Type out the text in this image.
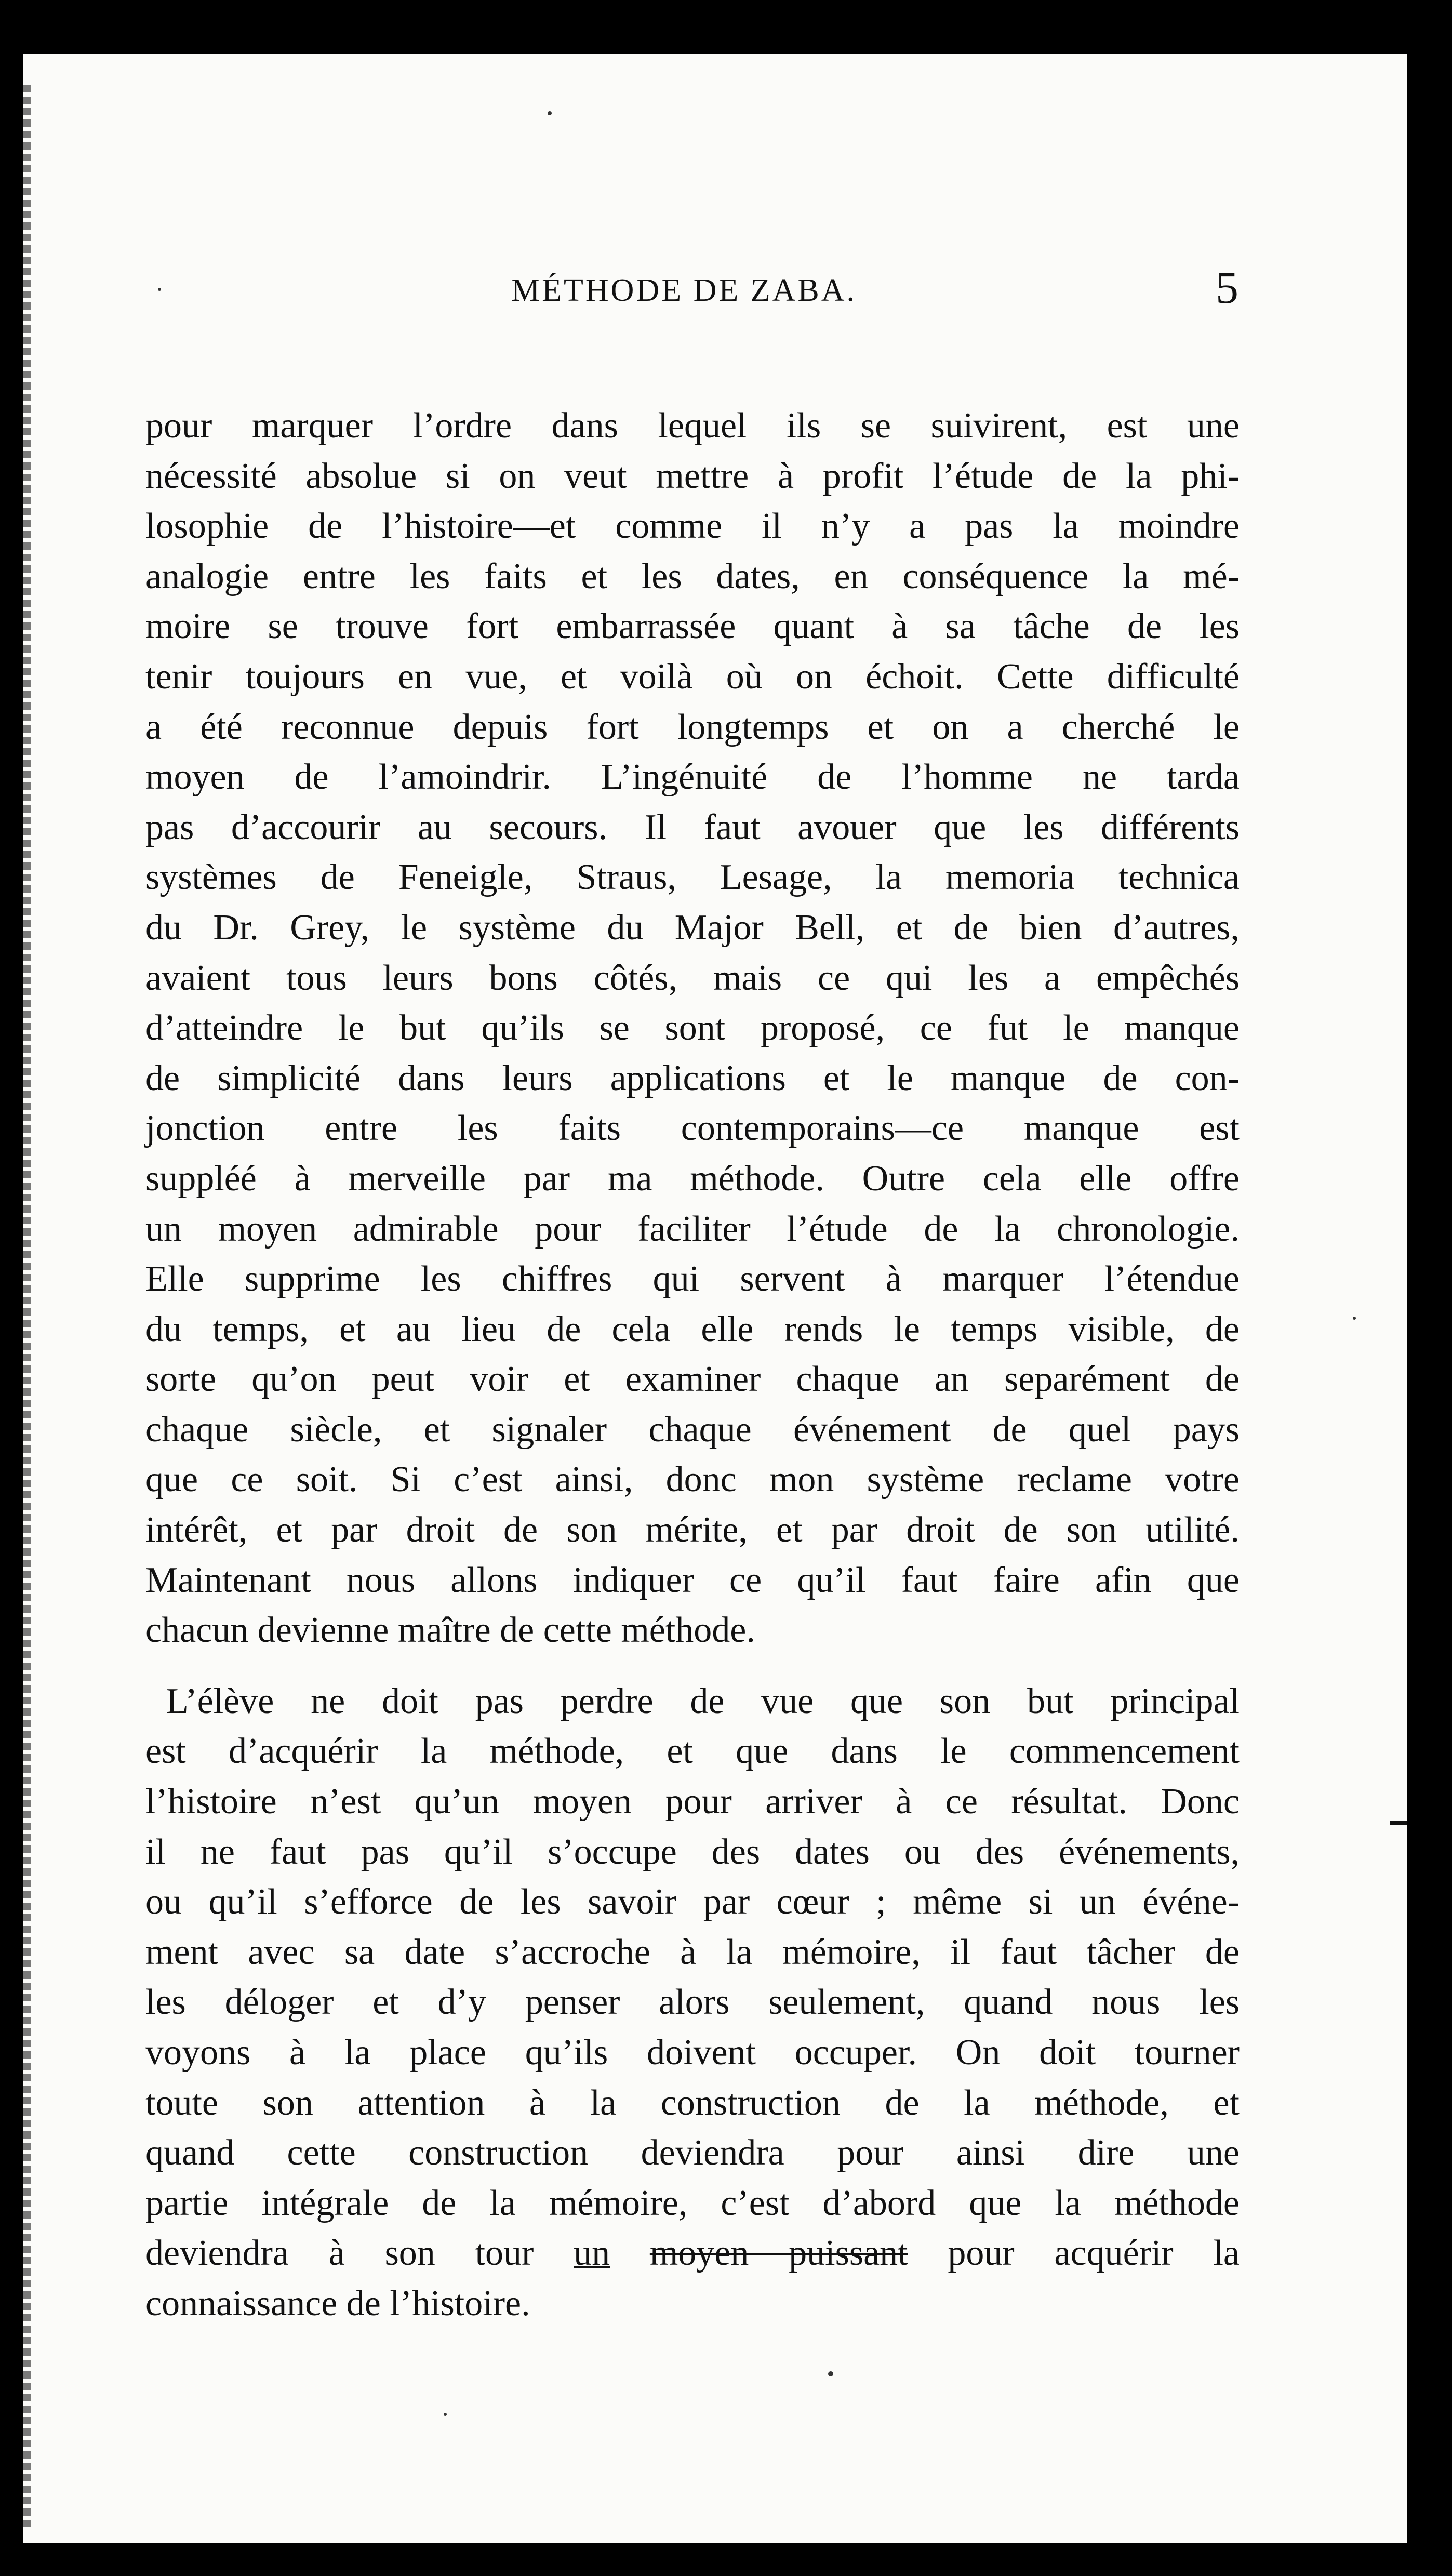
MÉTHODE DE ZABA.	5
pour marquer l’ordre dans lequel ils se suivirent, est une
nécessité absolue si on veut mettre à profit l’étude de la phi-
losophie de l’histoire—et comme il n’y a pas la moindre
analogie entre les faits et les dates, en conséquence la mé-
moire se trouve fort embarrassée quant à sa tâche de les
tenir toujours en vue, et voilà où on échoit. Cette difficulté
a été reconnue depuis fort longtemps et on a cherché le
moyen de l’amoindrir. L’ingénuité de l’homme ne tarda
pas d’accourir au secours. Il faut avouer que les différents
systèmes de Feneigle, Straus, Lesage, la memoria technica
du Dr. Grey, le système du Major Bell, et de bien d’autres,
avaient tous leurs bons côtés, mais ce qui les a empêchés
d’atteindre le but qu’ils se sont proposé, ce fut le manque
de simplicité dans leurs applications et le manque de con-
jonction entre les faits contemporains—ce manque est
suppléé à merveille par ma méthode. Outre cela elle offre
un moyen admirable pour faciliter l’étude de la chronologie.
Elle supprime les chiffres qui servent à marquer l’étendue
du temps, et au lieu de cela elle rends le temps visible, de
sorte qu’on peut voir et examiner chaque an separément de
chaque siècle, et signaler chaque événement de quel pays
que ce soit. Si c’est ainsi, donc mon système reclame votre
intérêt, et par droit de son mérite, et par droit de son utilité.
Maintenant nous allons indiquer ce qu’il faut faire afin que
chacun devienne maître de cette méthode.
L’élève ne doit pas perdre de vue que son but principal
est d’acquérir la méthode, et que dans le commencement
l’histoire n’est qu’un moyen pour arriver à ce résultat. Donc
il ne faut pas qu’il s’occupe des dates ou des événements,
ou qu’il s’efforce de les savoir par cœur ; même si un événe-
ment avec sa date s’accroche à la mémoire, il faut tâcher de
les déloger et d’y penser alors seulement, quand nous les
voyons à la place qu’ils doivent occuper. On doit tourner
toute son attention à la construction de la méthode, et
quand cette construction deviendra pour ainsi dire une
partie intégrale de la mémoire, c’est d’abord que la méthode
deviendra à son tour un moyen puissant pour acquérir la
connaissance de l’histoire.
